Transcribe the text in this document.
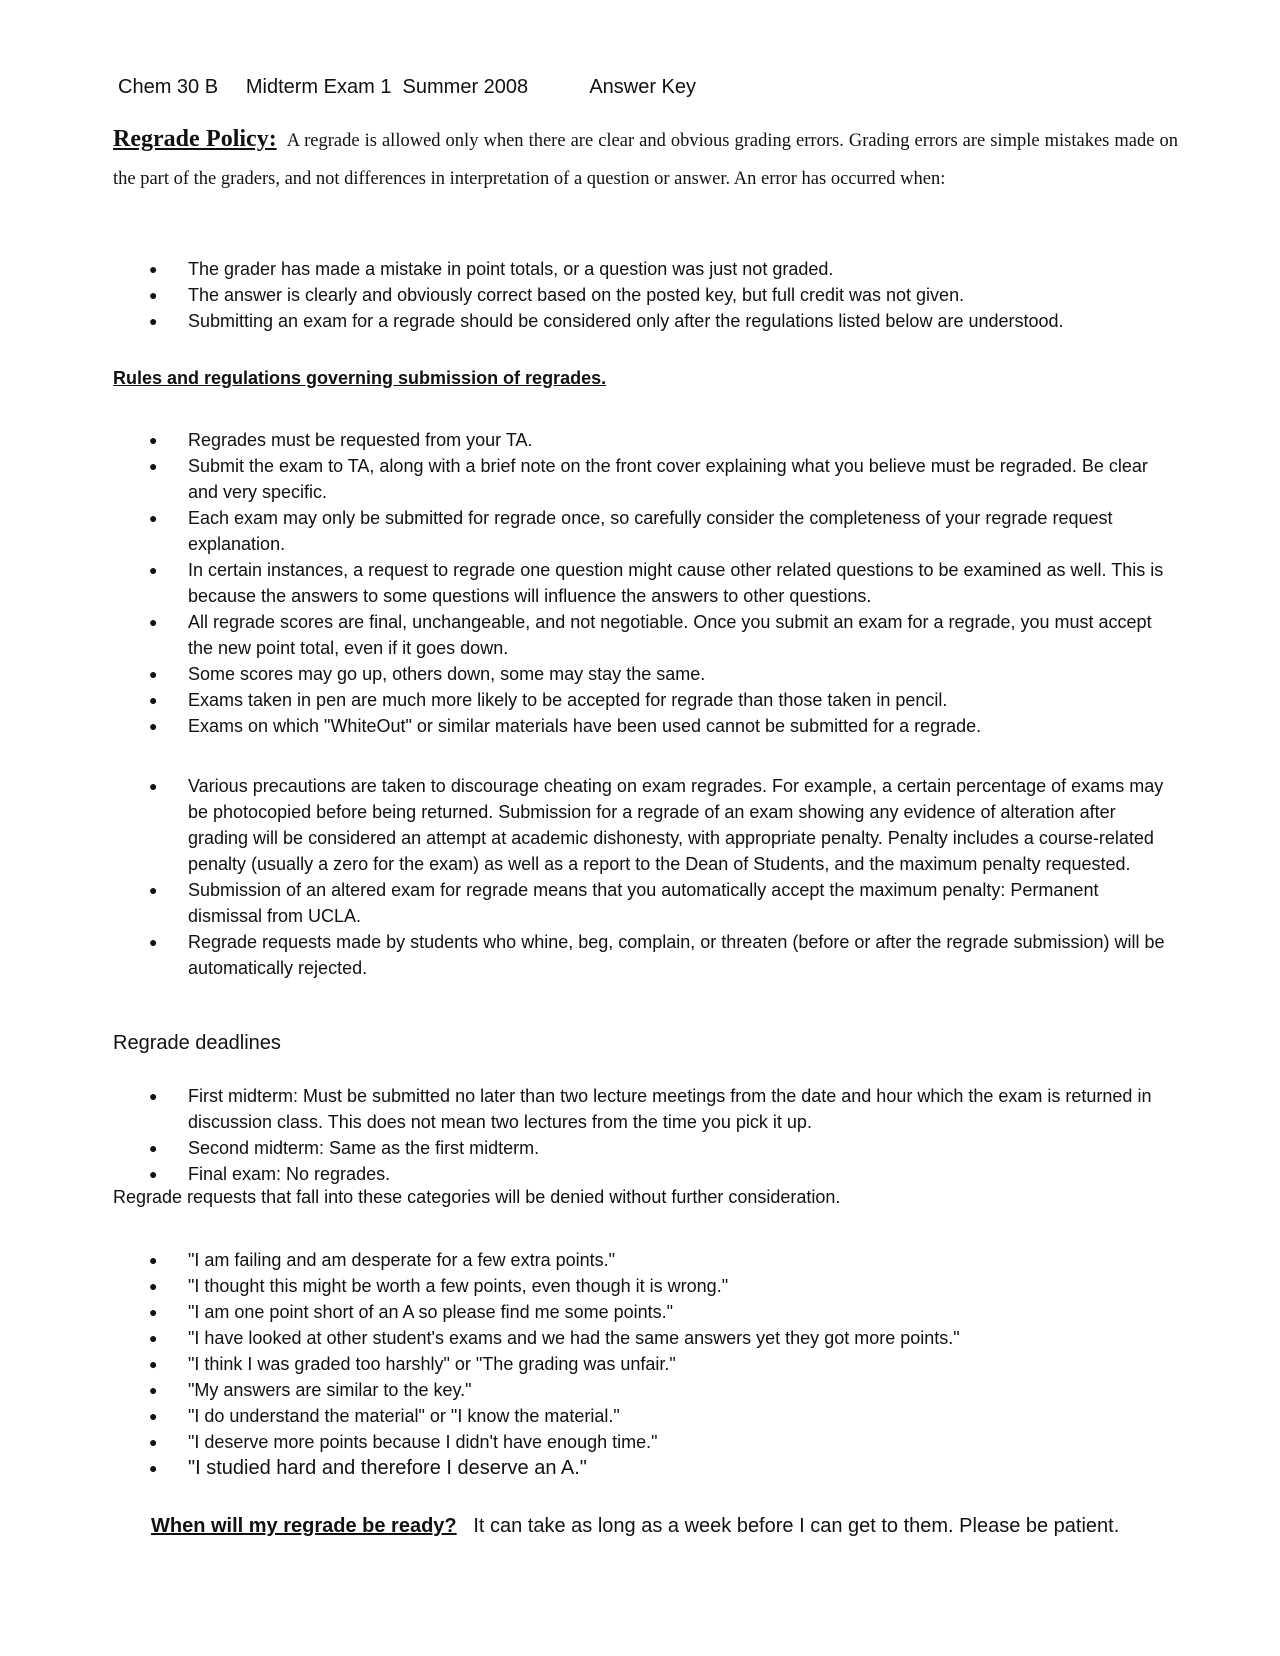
Chem 30 B Midterm Exam 1  Summer 2008	Answer Key
Regrade Policy: A regrade is allowed only when there are clear and obvious grading errors. Grading errors are simple mistakes made on the part of the graders, and not differences in interpretation of a question or answer. An error has occurred when:
● The grader has made a mistake in point totals, or a question was just not graded.
● The answer is clearly and obviously correct based on the posted key, but full credit was not given.
● Submitting an exam for a regrade should be considered only after the regulations listed below are understood.
Rules and regulations governing submission of regrades.
● Regrades must be requested from your TA.
● Submit the exam to TA, along with a brief note on the front cover explaining what you believe must be regraded. Be clear and very specific.
● Each exam may only be submitted for regrade once, so carefully consider the completeness of your regrade request explanation.
● In certain instances, a request to regrade one question might cause other related questions to be examined as well. This is because the answers to some questions will influence the answers to other questions.
● All regrade scores are final, unchangeable, and not negotiable. Once you submit an exam for a regrade, you must accept the new point total, even if it goes down.
● Some scores may go up, others down, some may stay the same.
● Exams taken in pen are much more likely to be accepted for regrade than those taken in pencil.
● Exams on which "WhiteOut" or similar materials have been used cannot be submitted for a regrade.
● Various precautions are taken to discourage cheating on exam regrades. For example, a certain percentage of exams may be photocopied before being returned. Submission for a regrade of an exam showing any evidence of alteration after grading will be considered an attempt at academic dishonesty, with appropriate penalty. Penalty includes a course-related penalty (usually a zero for the exam) as well as a report to the Dean of Students, and the maximum penalty requested.
● Submission of an altered exam for regrade means that you automatically accept the maximum penalty: Permanent dismissal from UCLA.
● Regrade requests made by students who whine, beg, complain, or threaten (before or after the regrade submission) will be automatically rejected.
Regrade deadlines
● First midterm: Must be submitted no later than two lecture meetings from the date and hour which the exam is returned in discussion class. This does not mean two lectures from the time you pick it up.
● Second midterm: Same as the first midterm.
● Final exam: No regrades.
Regrade requests that fall into these categories will be denied without further consideration.
● "I am failing and am desperate for a few extra points."
● "I thought this might be worth a few points, even though it is wrong."
● "I am one point short of an A so please find me some points."
● "I have looked at other student's exams and we had the same answers yet they got more points."
● "I think I was graded too harshly" or "The grading was unfair."
● "My answers are similar to the key."
● "I do understand the material" or "I know the material."
● "I deserve more points because I didn't have enough time."
● "I studied hard and therefore I deserve an A."
When will my regrade be ready? It can take as long as a week before I can get to them. Please be patient.
